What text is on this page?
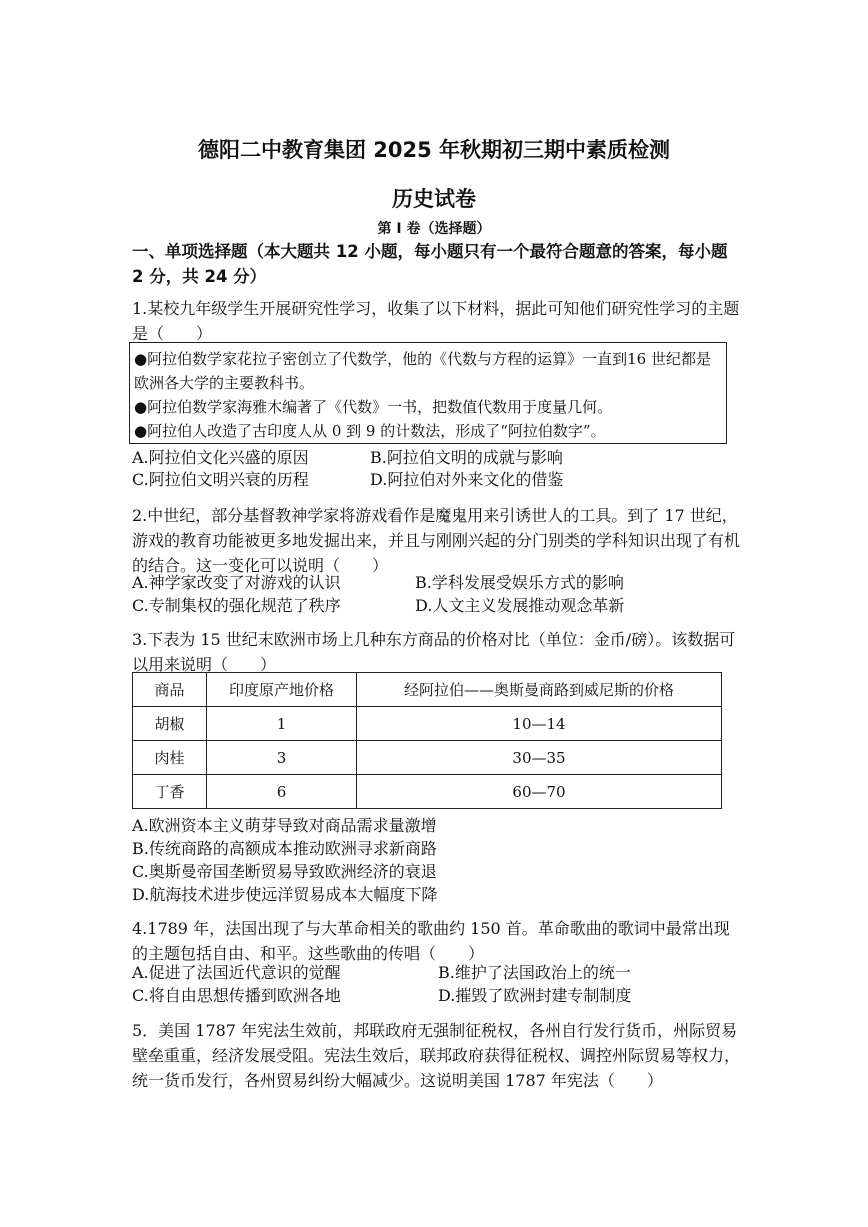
德阳二中教育集团 2025 年秋期初三期中素质检测
历史试卷
第 I 卷（选择题）
一、单项选择题（本大题共 12 小题，每小题只有一个最符合题意的答案，每小题 2 分，共 24 分）
1.某校九年级学生开展研究性学习，收集了以下材料，据此可知他们研究性学习的主题是（　　）
●阿拉伯数学家花拉子密创立了代数学，他的《代数与方程的运算》一直到16 世纪都是欧洲各大学的主要教科书。
●阿拉伯数学家海雅木编著了《代数》一书，把数值代数用于度量几何。
●阿拉伯人改造了古印度人从 0 到 9 的计数法，形成了“阿拉伯数字”。
A.阿拉伯文化兴盛的原因	B.阿拉伯文明的成就与影响
C.阿拉伯文明兴衰的历程	D.阿拉伯对外来文化的借鉴
2.中世纪，部分基督教神学家将游戏看作是魔鬼用来引诱世人的工具。到了 17 世纪，游戏的教育功能被更多地发掘出来，并且与刚刚兴起的分门别类的学科知识出现了有机的结合。这一变化可以说明（　　）
A.神学家改变了对游戏的认识	B.学科发展受娱乐方式的影响
C.专制集权的强化规范了秩序	D.人文主义发展推动观念革新
3.下表为 15 世纪末欧洲市场上几种东方商品的价格对比（单位：金币/磅）。该数据可以用来说明（　　）
商品	印度原产地价格	经阿拉伯——奥斯曼商路到威尼斯的价格
胡椒	1	10—14
肉桂	3	30—35
丁香	6	60—70
A.欧洲资本主义萌芽导致对商品需求量激增
B.传统商路的高额成本推动欧洲寻求新商路
C.奥斯曼帝国垄断贸易导致欧洲经济的衰退
D.航海技术进步使远洋贸易成本大幅度下降
4.1789 年，法国出现了与大革命相关的歌曲约 150 首。革命歌曲的歌词中最常出现的主题包括自由、和平。这些歌曲的传唱（　　）
A.促进了法国近代意识的觉醒	B.维护了法国政治上的统一
C.将自由思想传播到欧洲各地	D.摧毁了欧洲封建专制制度
5．美国 1787 年宪法生效前，邦联政府无强制征税权，各州自行发行货币，州际贸易壁垒重重，经济发展受阻。宪法生效后，联邦政府获得征税权、调控州际贸易等权力，统一货币发行，各州贸易纠纷大幅减少。这说明美国 1787 年宪法（　　）
